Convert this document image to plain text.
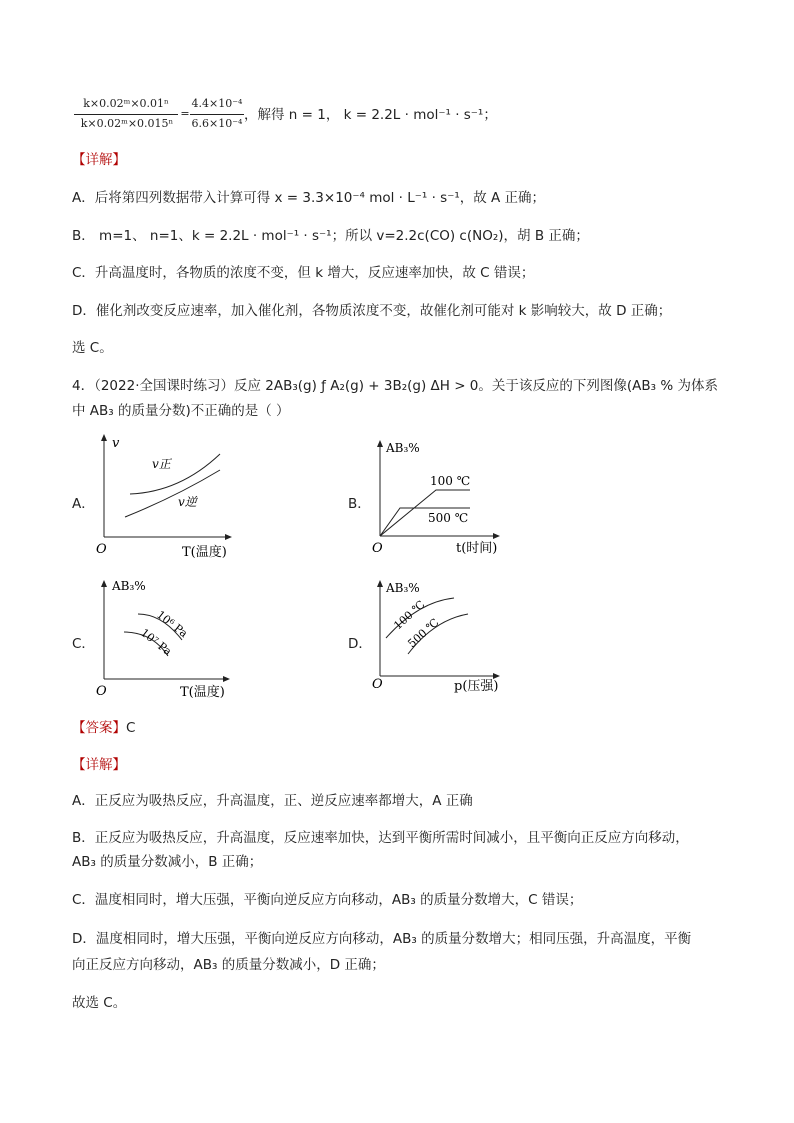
k×0.02ᵐ×0.01ⁿ
k×0.02ᵐ×0.015ⁿ
=
4.4×10⁻⁴
6.6×10⁻⁴
，解得 n = 1， k = 2.2L · mol⁻¹ · s⁻¹；
【详解】
A．后将第四列数据带入计算可得 x = 3.3×10⁻⁴ mol · L⁻¹ · s⁻¹，故 A 正确；
B． m=1、 n=1、k = 2.2L · mol⁻¹ · s⁻¹；所以 v=2.2c(CO) c(NO₂)，胡 B 正确；
C．升高温度时，各物质的浓度不变，但 k 增大，反应速率加快，故 C 错误；
D．催化剂改变反应速率，加入催化剂，各物质浓度不变，故催化剂可能对 k 影响较大，故 D 正确；
选 C。
4．（2022·全国课时练习）反应 2AB₃(g) ƒ A₂(g) + 3B₂(g) ΔH > 0。关于该反应的下列图像(AB₃ % 为体系
中 AB₃ 的质量分数)不正确的是（ ）
A．	B．
C．	D．
v
O	T(温度)
v正
v逆
AB₃%
O	t(时间)
100 ℃
500 ℃
AB₃%
O	T(温度)
10⁶ Pa
10⁷ Pa
AB₃%
O	p(压强)
100 ℃
500 ℃
【答案】C
【详解】
A．正反应为吸热反应，升高温度，正、逆反应速率都增大，A 正确
B．正反应为吸热反应，升高温度，反应速率加快，达到平衡所需时间减小，且平衡向正反应方向移动，
AB₃ 的质量分数减小，B 正确；
C．温度相同时，增大压强，平衡向逆反应方向移动，AB₃ 的质量分数增大，C 错误；
D．温度相同时，增大压强，平衡向逆反应方向移动，AB₃ 的质量分数增大；相同压强，升高温度，平衡
向正反应方向移动，AB₃ 的质量分数减小，D 正确；
故选 C。
